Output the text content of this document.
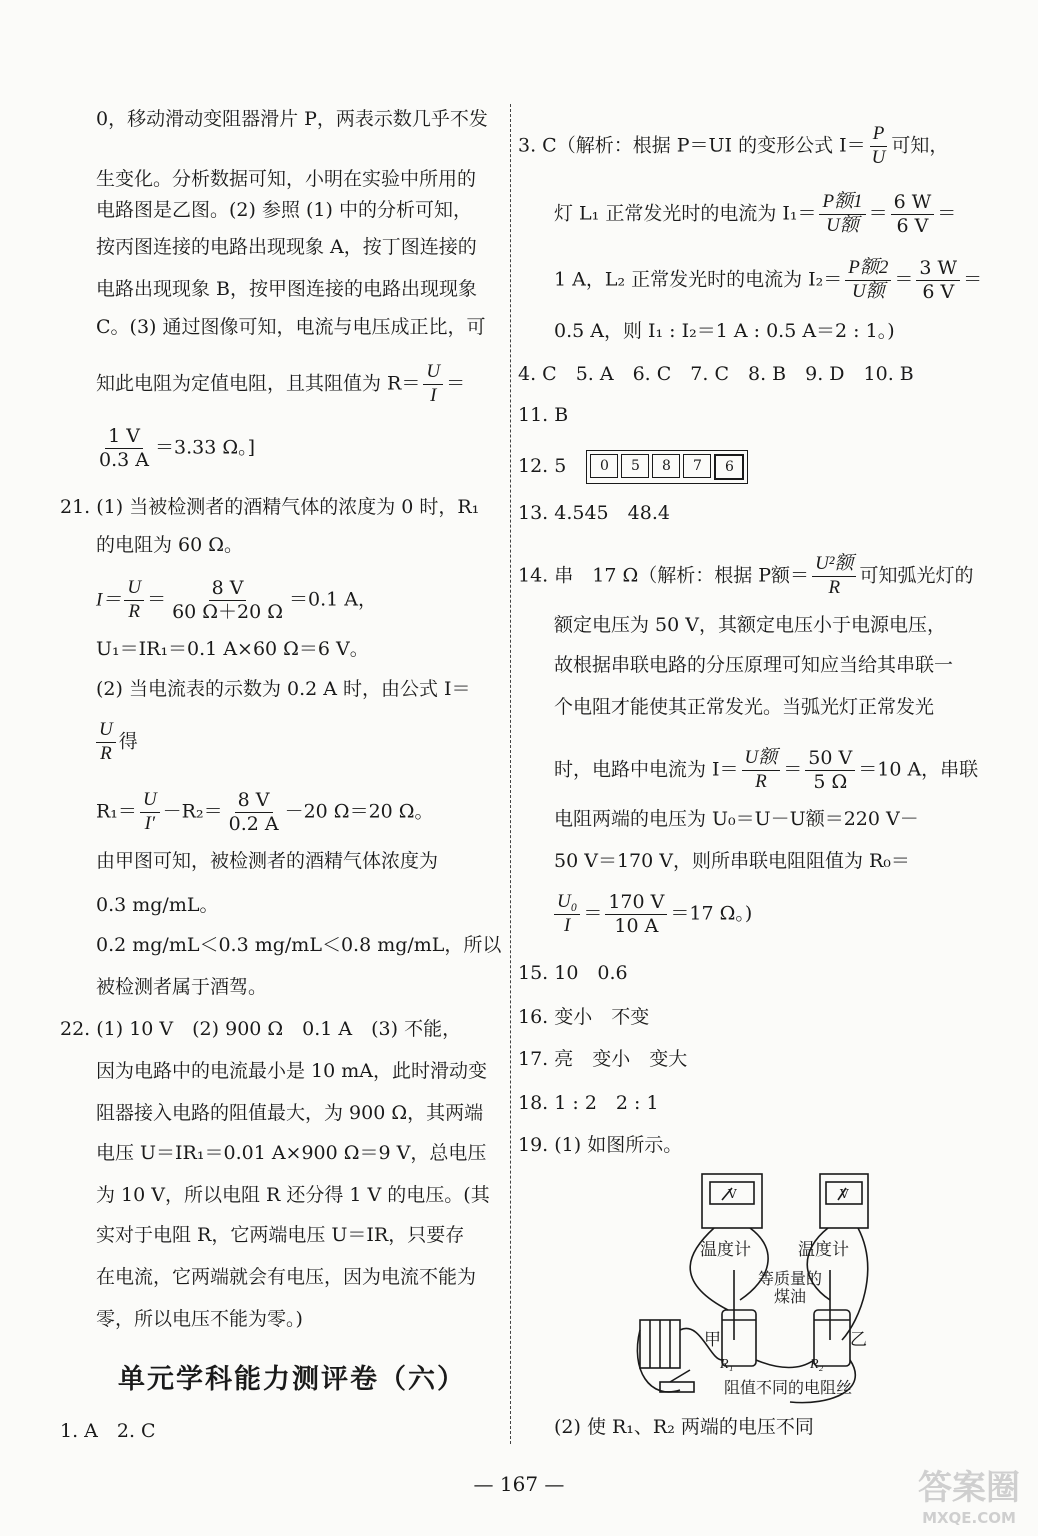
0，移动滑动变阻器滑片 P，两表示数几乎不发
生变化。分析数据可知，小明在实验中所用的
电路图是乙图。(2) 参照 (1) 中的分析可知，
按丙图连接的电路出现现象 A，按丁图连接的
电路出现现象 B，按甲图连接的电路出现现象
C。(3) 通过图像可知，电流与电压成正比，可
知此电阻为定值电阻，且其阻值为 $R= \frac{U}{I}$ ＝
$\frac{1 V}{0.3 A} =3.33$ Ω。]
21. (1) 当被检测者的酒精气体的浓度为 0 时，R₁
的电阻为 60 Ω。
$I= \frac{U}{R} = \frac{8 V}{60 \Omega+20 \Omega} =0.1$ A，
U₁＝IR₁＝0.1 A×60 Ω＝6 V。
(2) 当电流表的示数为 0.2 A 时，由公式 I＝
$\frac{U}{R}$ 得
$R_1= \frac{U}{I'} -R_2= \frac{8 V}{0.2 A} -20$ Ω＝20 Ω。
由甲图可知，被检测者的酒精气体浓度为
0.3 mg/mL。
0.2 mg/mL＜0.3 mg/mL＜0.8 mg/mL，所以
被检测者属于酒驾。
22. (1) 10 V　(2) 900 Ω　0.1 A　(3) 不能，
因为电路中的电流最小是 10 mA，此时滑动变
阻器接入电路的阻值最大，为 900 Ω，其两端
电压 U＝IR₁＝0.01 A×900 Ω＝9 V，总电压
为 10 V，所以电阻 R 还分得 1 V 的电压。(其
实对于电阻 R，它两端电压 U＝IR，只要存
在电流，它两端就会有电压，因为电流不能为
零，所以电压不能为零。)
单元学科能力测评卷（六）
1. A　2. C
3. C（解析：根据 P＝UI 的变形公式 $I= \frac{P}{U}$ 可知，
灯 L₁ 正常发光时的电流为 $I_1= \frac{\text{P额1}}{\text{U额}} = \frac{6 W}{6 V}$ ＝
1 A，L₂ 正常发光时的电流为 $I_2= \frac{\text{P额2}}{\text{U额}} = \frac{3 W}{6 V}$ ＝
0.5 A，则 I₁ : I₂＝1 A : 0.5 A＝2 : 1。)
4. C　5. A　6. C　7. C　8. B　9. D　10. B
11. B
12. 5	0	5	8	7	6
13. 4.545　48.4
14. 串　17 Ω（解析：根据 P额＝ $\frac{\text{U²额}}{R}$ 可知弧光灯的
额定电压为 50 V，其额定电压小于电源电压，
故根据串联电路的分压原理可知应当给其串联一
个电阻才能使其正常发光。当弧光灯正常发光
时，电路中电流为 $I= \frac{\text{U额}}{R} = \frac{50 V}{5 \Omega} =10$ A，串联
电阻两端的电压为 U₀＝U－U额＝220 V－
50 V＝170 V，则所串联电阻阻值为 R₀＝
$\frac{\text{U₀}}{I} = \frac{170 V}{10 A} =17$ Ω。)
15. 10　0.6
16. 变小　不变
17. 亮　变小　变大
18. 1 : 2　2 : 1
19. (1) 如图所示。
(2) 使 R₁、R₂ 两端的电压不同
温度计	温度计
等质量的煤油
甲	乙
R₁	R₂
阻值不同的电阻丝
V	V
— 167 —	答案圈
MXQE.COM
